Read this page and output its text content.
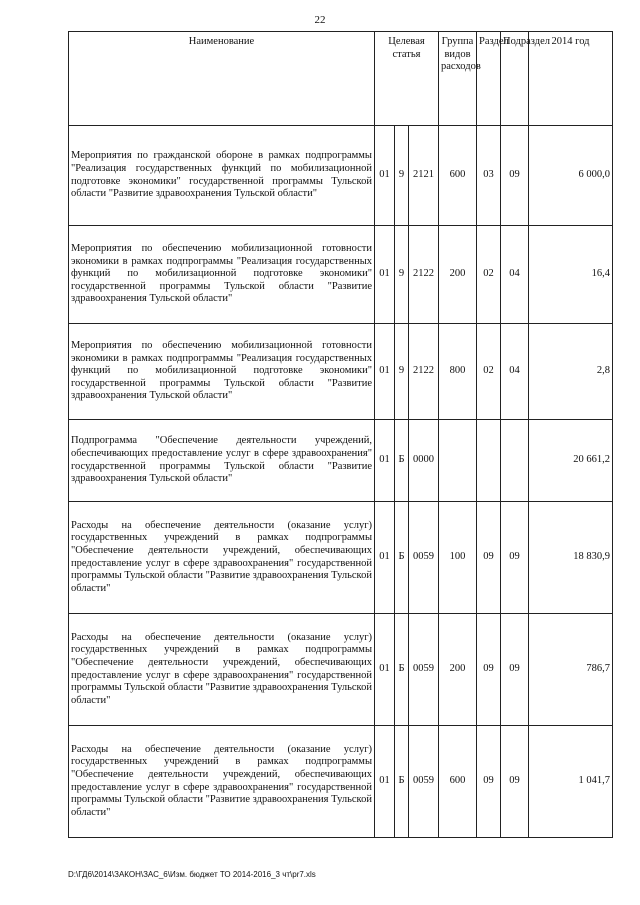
22
Наименование	Целевая статья			Группа видов расходов	Раздел	Подраздел	2014 год
Мероприятия по гражданской обороне в рамках подпрограммы "Реализация государственных функций по мобилизационной подготовке экономики" государственной программы Тульской области "Развитие здравоохранения Тульской области"	01	9	2121	600	03	09	6 000,0
Мероприятия по обеспечению мобилизационной готовности экономики в рамках подпрограммы "Реализация государственных функций по мобилизационной подготовке экономики" государственной программы Тульской области "Развитие здравоохранения Тульской области"	01	9	2122	200	02	04	16,4
Мероприятия по обеспечению мобилизационной готовности экономики в рамках подпрограммы "Реализация государственных функций по мобилизационной подготовке экономики" государственной программы Тульской области "Развитие здравоохранения Тульской области"	01	9	2122	800	02	04	2,8
Подпрограмма "Обеспечение деятельности учреждений, обеспечивающих предоставление услуг в сфере здравоохранения" государственной программы Тульской области "Развитие здравоохранения Тульской области"	01	Б	0000				20 661,2
Расходы на обеспечение деятельности (оказание услуг) государственных учреждений в рамках подпрограммы "Обеспечение деятельности учреждений, обеспечивающих предоставление услуг в сфере здравоохранения" государственной программы Тульской области "Развитие здравоохранения Тульской области"	01	Б	0059	100	09	09	18 830,9
Расходы на обеспечение деятельности (оказание услуг) государственных учреждений в рамках подпрограммы "Обеспечение деятельности учреждений, обеспечивающих предоставление услуг в сфере здравоохранения" государственной программы Тульской области "Развитие здравоохранения Тульской области"	01	Б	0059	200	09	09	786,7
Расходы на обеспечение деятельности (оказание услуг) государственных учреждений в рамках подпрограммы "Обеспечение деятельности учреждений, обеспечивающих предоставление услуг в сфере здравоохранения" государственной программы Тульской области "Развитие здравоохранения Тульской области"	01	Б	0059	600	09	09	1 041,7
D:\ГД6\2014\ЗАКОН\ЗАС_6\Изм. бюджет ТО 2014-2016_3 чт\pr7.xls
